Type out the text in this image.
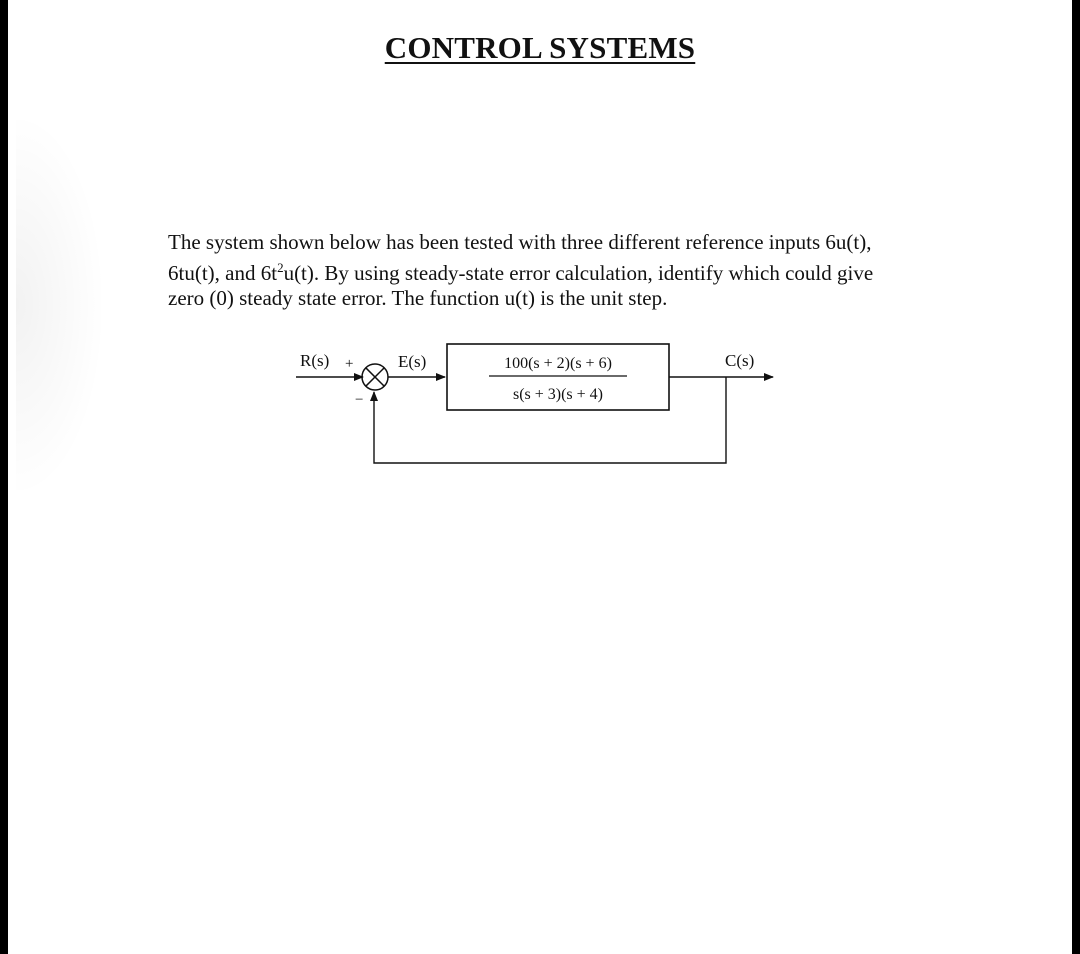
CONTROL SYSTEMS

The system shown below has been tested with three different reference inputs 6u(t),

6tu(t), and $6t^2u(t)$. By using steady-state error calculation, identify which could give

zero (0) steady state error. The function u(t) is the unit step.

R(s) +
−
E(s)	100(s + 2)(s + 6)
s(s + 3)(s + 4)
C(s)
